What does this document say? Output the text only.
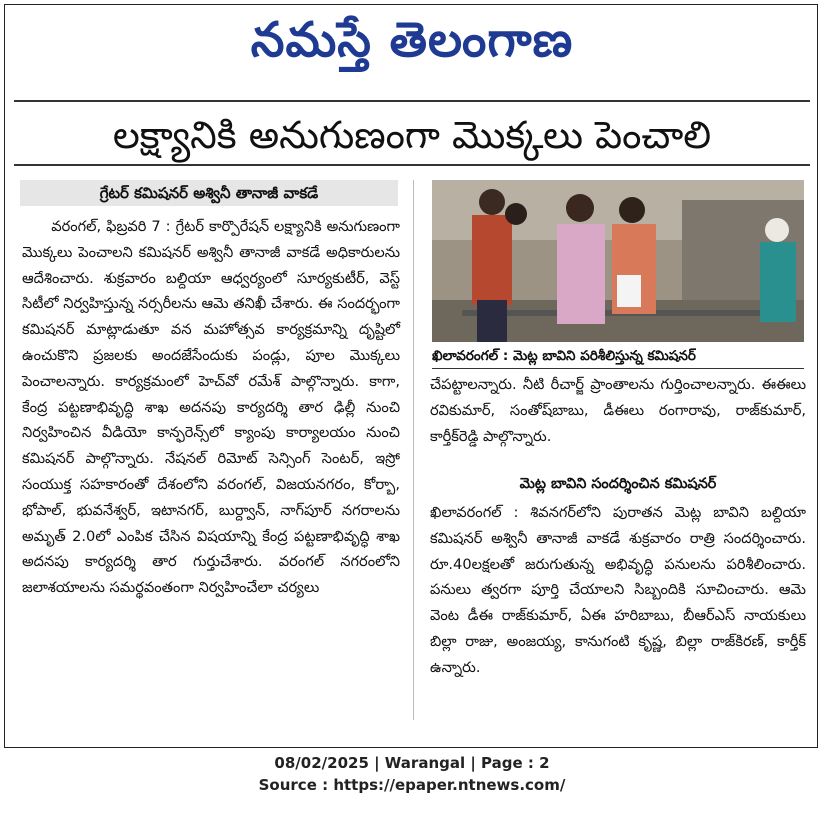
నమస్తే తెలంగాణ
లక్ష్యానికి అనుగుణంగా మొక్కలు పెంచాలి
గ్రేటర్ కమిషనర్ అశ్వినీ తానాజీ వాకడే

వరంగల్, ఫిబ్రవరి 7 : గ్రేటర్ కార్పొరేషన్ లక్ష్యానికి అనుగుణంగా మొక్కలు పెంచాలని కమిషనర్ అశ్వినీ తానాజీ వాకడే అధికారులను ఆదేశించారు. శుక్రవారం బల్దియా ఆధ్వర్యంలో సూర్యకుటీర్, వెస్ట్ సిటీలో నిర్వహిస్తున్న నర్సరీలను ఆమె తనిఖీ చేశారు. ఈ సందర్భంగా కమిషనర్ మాట్లాడుతూ వన మహోత్సవ కార్యక్రమాన్ని దృష్టిలో ఉంచుకొని ప్రజలకు అందజేసేందుకు పండ్లు, పూల మొక్కలు పెంచాలన్నారు. కార్యక్రమంలో హెచ్‌వో రమేశ్ పాల్గొన్నారు. కాగా, కేంద్ర పట్టణాభివృద్ధి శాఖ అదనపు కార్యదర్శి తార ఢిల్లీ నుంచి నిర్వహించిన వీడియో కాన్ఫరెన్స్‌లో క్యాంపు కార్యాలయం నుంచి కమిషనర్ పాల్గొన్నారు. నేషనల్ రిమోట్ సెన్సింగ్ సెంటర్, ఇస్రో సంయుక్త సహకారంతో దేశంలోని వరంగల్, విజయనగరం, కోర్బా, భోపాల్, భువనేశ్వర్, ఇటానగర్, బుర్ద్వాన్, నాగ్‌పూర్ నగరాలను అమృత్ 2.0లో ఎంపిక చేసిన విషయాన్ని కేంద్ర పట్టణాభివృద్ధి శాఖ అదనపు కార్యదర్శి తార గుర్తుచేశారు. వరంగల్ నగరంలోని జలాశయాలను సమర్థవంతంగా నిర్వహించేలా చర్యలు

ఖిలావరంగల్ : మెట్ల బావిని పరిశీలిస్తున్న కమిషనర్

చేపట్టాలన్నారు. నీటి రీచార్జ్ ప్రాంతాలను గుర్తించాలన్నారు. ఈఈలు రవికుమార్, సంతోష్‌బాబు, డీఈలు రంగారావు, రాజ్‌కుమార్, కార్తీక్‌రెడ్డి పాల్గొన్నారు.

మెట్ల బావిని సందర్శించిన కమిషనర్

ఖిలావరంగల్ : శివనగర్‌లోని పురాతన మెట్ల బావిని బల్దియా కమిషనర్ అశ్వినీ తానాజీ వాకడే శుక్రవారం రాత్రి సందర్శించారు. రూ.40లక్షలతో జరుగుతున్న అభివృద్ధి పనులను పరిశీలించారు. పనులు త్వరగా పూర్తి చేయాలని సిబ్బందికి సూచించారు. ఆమె వెంట డీఈ రాజ్‌కుమార్, ఏఈ హరిబాబు, బీఆర్‌ఎస్ నాయకులు బిల్లా రాజు, అంజయ్య, కానుగంటి కృష్ణ, బిల్లా రాజ్‌కిరణ్, కార్తీక్ ఉన్నారు.

08/02/2025 | Warangal | Page : 2
Source : https://epaper.ntnews.com/
